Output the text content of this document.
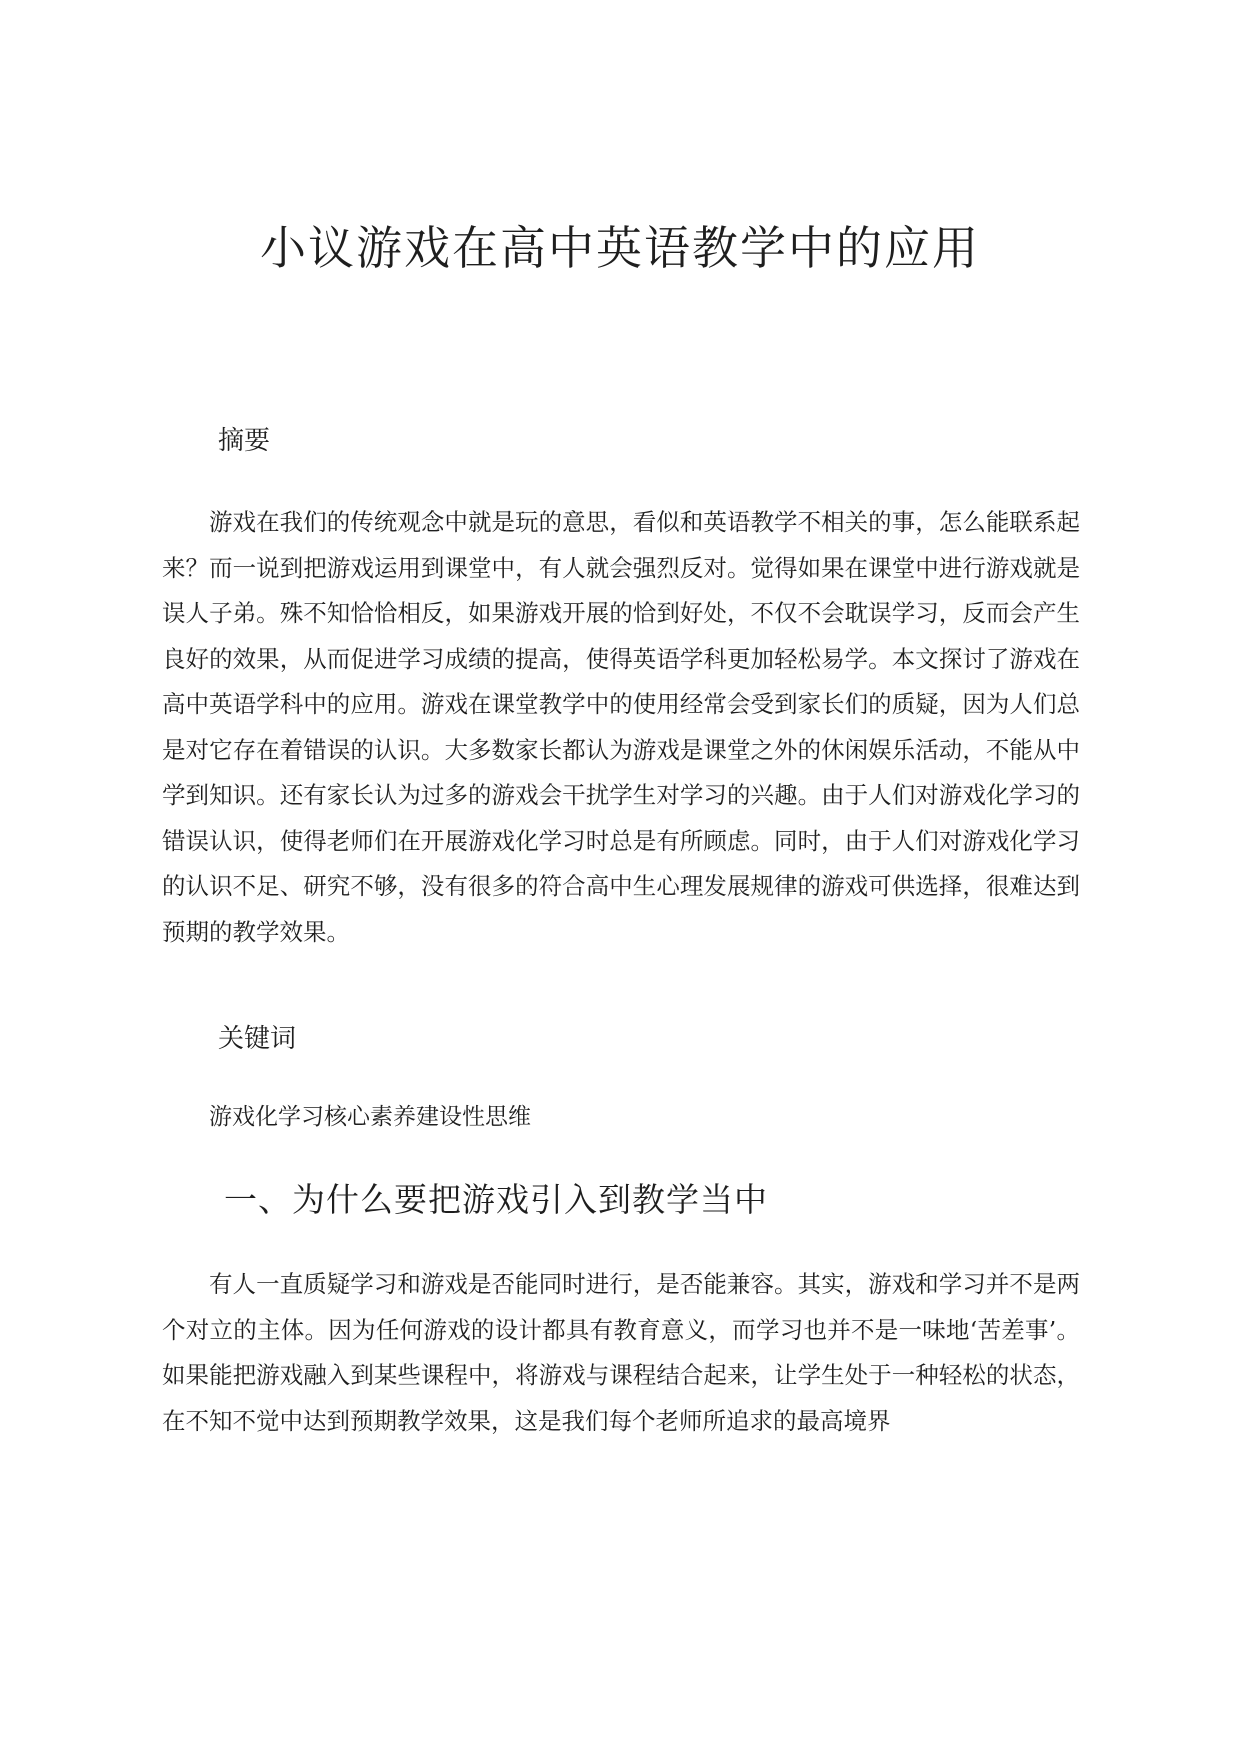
小议游戏在高中英语教学中的应用
摘要

游戏在我们的传统观念中就是玩的意思，看似和英语教学不相关的事，怎么能联系起来？而一说到把游戏运用到课堂中，有人就会强烈反对。觉得如果在课堂中进行游戏就是误人子弟。殊不知恰恰相反，如果游戏开展的恰到好处，不仅不会耽误学习，反而会产生良好的效果，从而促进学习成绩的提高，使得英语学科更加轻松易学。本文探讨了游戏在高中英语学科中的应用。游戏在课堂教学中的使用经常会受到家长们的质疑，因为人们总是对它存在着错误的认识。大多数家长都认为游戏是课堂之外的休闲娱乐活动，不能从中学到知识。还有家长认为过多的游戏会干扰学生对学习的兴趣。由于人们对游戏化学习的错误认识，使得老师们在开展游戏化学习时总是有所顾虑。同时，由于人们对游戏化学习的认识不足、研究不够，没有很多的符合高中生心理发展规律的游戏可供选择，很难达到预期的教学效果。

关键词

游戏化学习核心素养建设性思维

一、为什么要把游戏引入到教学当中

有人一直质疑学习和游戏是否能同时进行，是否能兼容。其实，游戏和学习并不是两个对立的主体。因为任何游戏的设计都具有教育意义，而学习也并不是一味地‘苦差事’。如果能把游戏融入到某些课程中，将游戏与课程结合起来，让学生处于一种轻松的状态，在不知不觉中达到预期教学效果，这是我们每个老师所追求的最高境界
